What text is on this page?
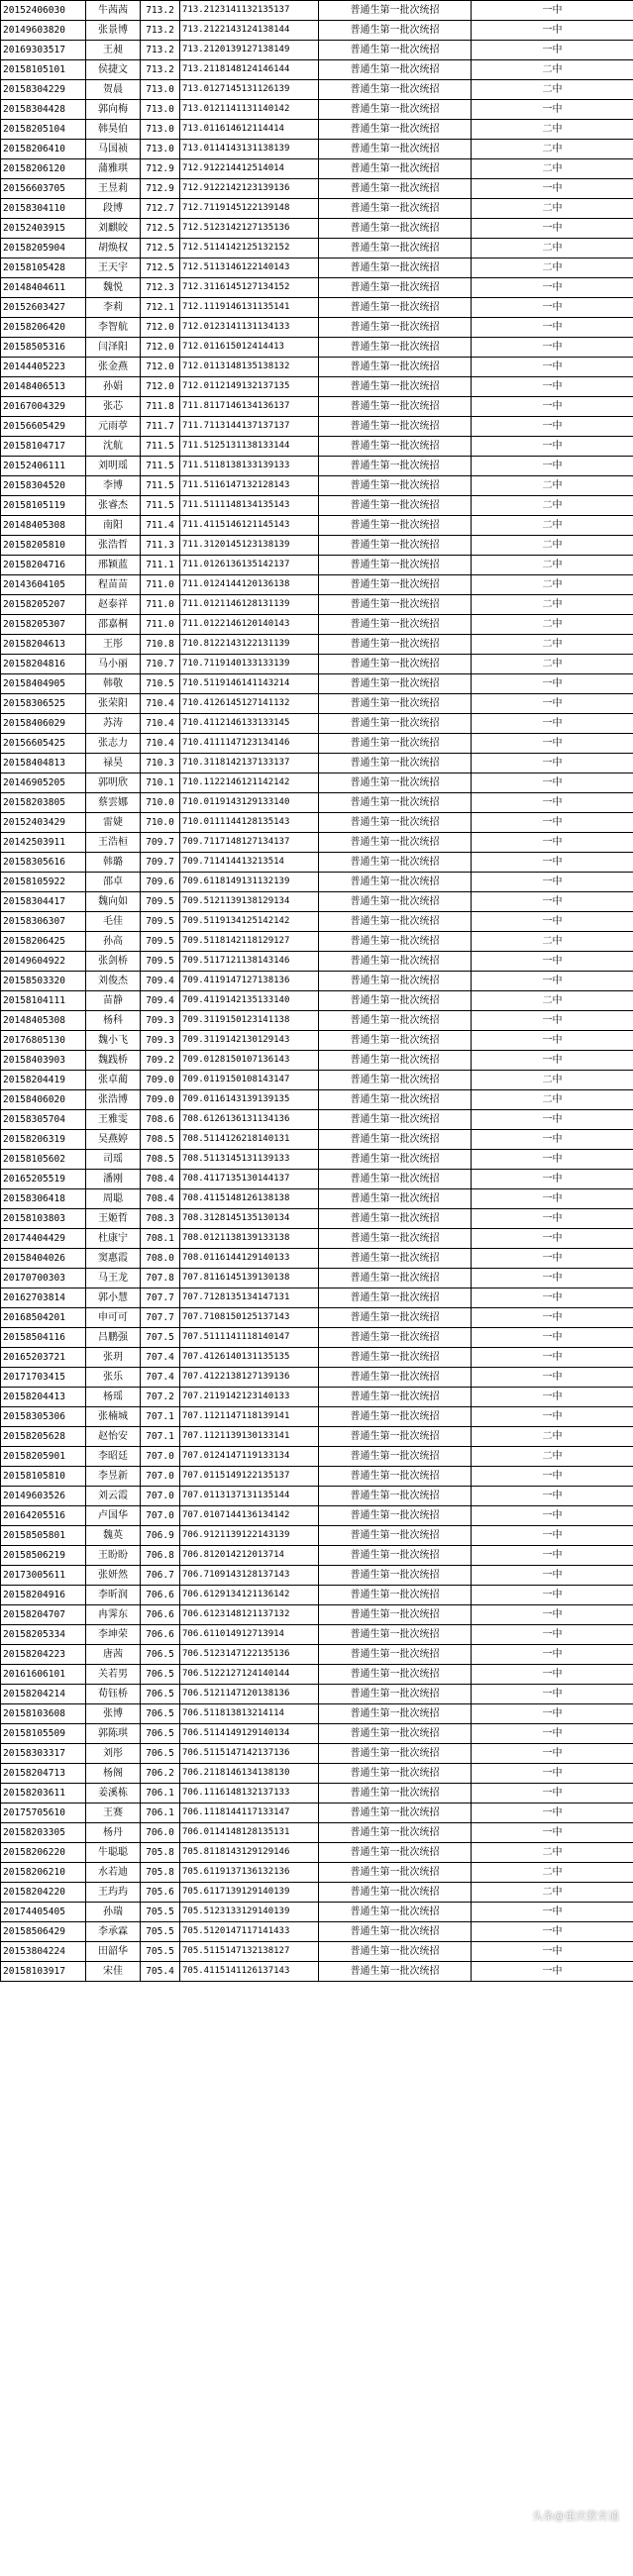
20152406030	牛茜茜	713.2	713.2123141132135137	普通生第一批次统招	一中
20149603820	张景博	713.2	713.2122143124138144	普通生第一批次统招	一中
20169303517	王昶	713.2	713.2120139127138149	普通生第一批次统招	一中
20158105101	侯捷文	713.2	713.2118148124146144	普通生第一批次统招	二中
20158304229	贺晨	713.0	713.0127145131126139	普通生第一批次统招	二中
20158304428	郭向梅	713.0	713.0121141131140142	普通生第一批次统招	一中
20158205104	韩昊伯	713.0	713.011614612114414	普通生第一批次统招	二中
20158206410	马国祯	713.0	713.0114143131138139	普通生第一批次统招	二中
20158206120	蒲雅琪	712.9	712.912214412514014	普通生第一批次统招	二中
20156603705	王昱莉	712.9	712.9122142123139136	普通生第一批次统招	一中
20158304110	段博	712.7	712.7119145122139148	普通生第一批次统招	二中
20152403915	刘麒皎	712.5	712.5123142127135136	普通生第一批次统招	一中
20158205904	胡焕权	712.5	712.5114142125132152	普通生第一批次统招	二中
20158105428	王天宇	712.5	712.5113146122140143	普通生第一批次统招	二中
20148404611	魏悦	712.3	712.3116145127134152	普通生第一批次统招	一中
20152603427	李莉	712.1	712.1119146131135141	普通生第一批次统招	一中
20158206420	李智航	712.0	712.0123141131134133	普通生第一批次统招	一中
20158505316	闫泽阳	712.0	712.011615012414413	普通生第一批次统招	一中
20144405223	张金燕	712.0	712.0113148135138132	普通生第一批次统招	一中
20148406513	孙娟	712.0	712.0112149132137135	普通生第一批次统招	一中
20167004329	张芯	711.8	711.8117146134136137	普通生第一批次统招	一中
20156605429	元雨葶	711.7	711.7113144137137137	普通生第一批次统招	一中
20158104717	沈航	711.5	711.5125131138133144	普通生第一批次统招	一中
20152406111	刘明瑶	711.5	711.5118138133139133	普通生第一批次统招	一中
20158304520	李博	711.5	711.5116147132128143	普通生第一批次统招	二中
20158105119	张睿杰	711.5	711.5111148134135143	普通生第一批次统招	二中
20148405308	南阳	711.4	711.4115146121145143	普通生第一批次统招	二中
20158205810	张浩哲	711.3	711.3120145123138139	普通生第一批次统招	二中
20158204716	邢颖蓝	711.1	711.0126136135142137	普通生第一批次统招	二中
20143604105	程苗苗	711.0	711.0124144120136138	普通生第一批次统招	二中
20158205207	赵泰祥	711.0	711.0121146128131139	普通生第一批次统招	二中
20158205307	邵嘉桐	711.0	711.0122146120140143	普通生第一批次统招	二中
20158204613	王彤	710.8	710.8122143122131139	普通生第一批次统招	二中
20158204816	马小丽	710.7	710.7119140133133139	普通生第一批次统招	二中
20158404905	韩敬	710.5	710.5119146141143214	普通生第一批次统招	一中
20158306525	张荣阳	710.4	710.4126145127141132	普通生第一批次统招	一中
20158406029	苏涛	710.4	710.4112146133133145	普通生第一批次统招	一中
20156605425	张志力	710.4	710.4111147123134146	普通生第一批次统招	一中
20158404813	禄昊	710.3	710.3118142137133137	普通生第一批次统招	一中
20146905205	郭明欣	710.1	710.1122146121142142	普通生第一批次统招	一中
20158203805	蔡雲娜	710.0	710.0119143129133140	普通生第一批次统招	一中
20152403429	雷婕	710.0	710.0111144128135143	普通生第一批次统招	一中
20142503911	王浩桓	709.7	709.7117148127134137	普通生第一批次统招	一中
20158305616	韩璐	709.7	709.711414413213514	普通生第一批次统招	一中
20158105922	邵卓	709.6	709.6118149131132139	普通生第一批次统招	一中
20158304417	魏向如	709.5	709.5121139138129134	普通生第一批次统招	一中
20158306307	毛佳	709.5	709.5119134125142142	普通生第一批次统招	一中
20158206425	孙高	709.5	709.5118142118129127	普通生第一批次统招	二中
20149604922	张剑桥	709.5	709.5117121138143146	普通生第一批次统招	一中
20158503320	刘俊杰	709.4	709.4119147127138136	普通生第一批次统招	一中
20158104111	苗静	709.4	709.4119142135133140	普通生第一批次统招	二中
20148405308	杨科	709.3	709.3119150123141138	普通生第一批次统招	一中
20176805130	魏小飞	709.3	709.3119142130129143	普通生第一批次统招	一中
20158403903	魏践桥	709.2	709.0128150107136143	普通生第一批次统招	一中
20158204419	张卓蔺	709.0	709.0119150108143147	普通生第一批次统招	二中
20158406020	张浩博	709.0	709.0116143139139135	普通生第一批次统招	二中
20158305704	王雅雯	708.6	708.6126136131134136	普通生第一批次统招	一中
20158206319	吴燕婷	708.5	708.5114126218140131	普通生第一批次统招	一中
20158105602	司瑶	708.5	708.5113145131139133	普通生第一批次统招	一中
20165205519	潘刚	708.4	708.4117135130144137	普通生第一批次统招	一中
20158306418	周聪	708.4	708.4115148126138138	普通生第一批次统招	一中
20158103803	王姬哲	708.3	708.3128145135130134	普通生第一批次统招	一中
20174404429	杜康宁	708.1	708.0121138139133138	普通生第一批次统招	一中
20158404026	窦惠霞	708.0	708.0116144129140133	普通生第一批次统招	一中
20170700303	马王龙	707.8	707.8116145139130138	普通生第一批次统招	一中
20162703814	郭小慧	707.7	707.7128135134147131	普通生第一批次统招	一中
20168504201	申可可	707.7	707.7108150125137143	普通生第一批次统招	一中
20158504116	吕鹏强	707.5	707.5111141118140147	普通生第一批次统招	一中
20165203721	张玥	707.4	707.4126140131135135	普通生第一批次统招	一中
20171703415	张乐	707.4	707.4122138127139136	普通生第一批次统招	一中
20158204413	杨瑶	707.2	707.2119142123140133	普通生第一批次统招	一中
20158305306	张楠城	707.1	707.1121147118139141	普通生第一批次统招	一中
20158205628	赵怡安	707.1	707.1121139130133141	普通生第一批次统招	二中
20158205901	李昭廷	707.0	707.0124147119133134	普通生第一批次统招	二中
20158105810	李昱新	707.0	707.0115149122135137	普通生第一批次统招	一中
20149603526	刘云霞	707.0	707.0113137131135144	普通生第一批次统招	一中
20164205516	卢国华	707.0	707.0107144136134142	普通生第一批次统招	一中
20158505801	魏英	706.9	706.9121139122143139	普通生第一批次统招	一中
20158506219	王盼盼	706.8	706.812014212013714	普通生第一批次统招	一中
20173005611	张妍然	706.7	706.7109143128137143	普通生第一批次统招	一中
20158204916	李昕润	706.6	706.6129134121136142	普通生第一批次统招	一中
20158204707	冉霁东	706.6	706.6123148121137132	普通生第一批次统招	一中
20158205334	李坤荣	706.6	706.611014912713914	普通生第一批次统招	一中
20158204223	唐茜	706.5	706.5123147122135136	普通生第一批次统招	一中
20161606101	关若男	706.5	706.5122127124140144	普通生第一批次统招	一中
20158204214	荀钰桥	706.5	706.5121147120138136	普通生第一批次统招	一中
20158103608	张博	706.5	706.511813813214114	普通生第一批次统招	一中
20158105509	郭陈琪	706.5	706.5114149129140134	普通生第一批次统招	一中
20158303317	刘彤	706.5	706.5115147142137136	普通生第一批次统招	一中
20158204713	杨阁	706.2	706.2118146134138130	普通生第一批次统招	一中
20158203611	姜溪栋	706.1	706.1116148132137133	普通生第一批次统招	一中
20175705610	王赛	706.1	706.1118144117133147	普通生第一批次统招	一中
20158203305	杨丹	706.0	706.0114148128135131	普通生第一批次统招	一中
20158206220	牛聪聪	705.8	705.8118143129129146	普通生第一批次统招	二中
20158206210	水若迪	705.8	705.6119137136132136	普通生第一批次统招	二中
20158204220	王玙玙	705.6	705.6117139129140139	普通生第一批次统招	二中
20174405405	孙瑞	705.5	705.5123133129140139	普通生第一批次统招	一中
20158506429	李承霖	705.5	705.5120147117141433	普通生第一批次统招	一中
20153804224	田韶华	705.5	705.5115147132138127	普通生第一批次统招	一中
20158103917	宋佳	705.4	705.4115141126137143	普通生第一批次统招	一中
头条@重庆教育通
